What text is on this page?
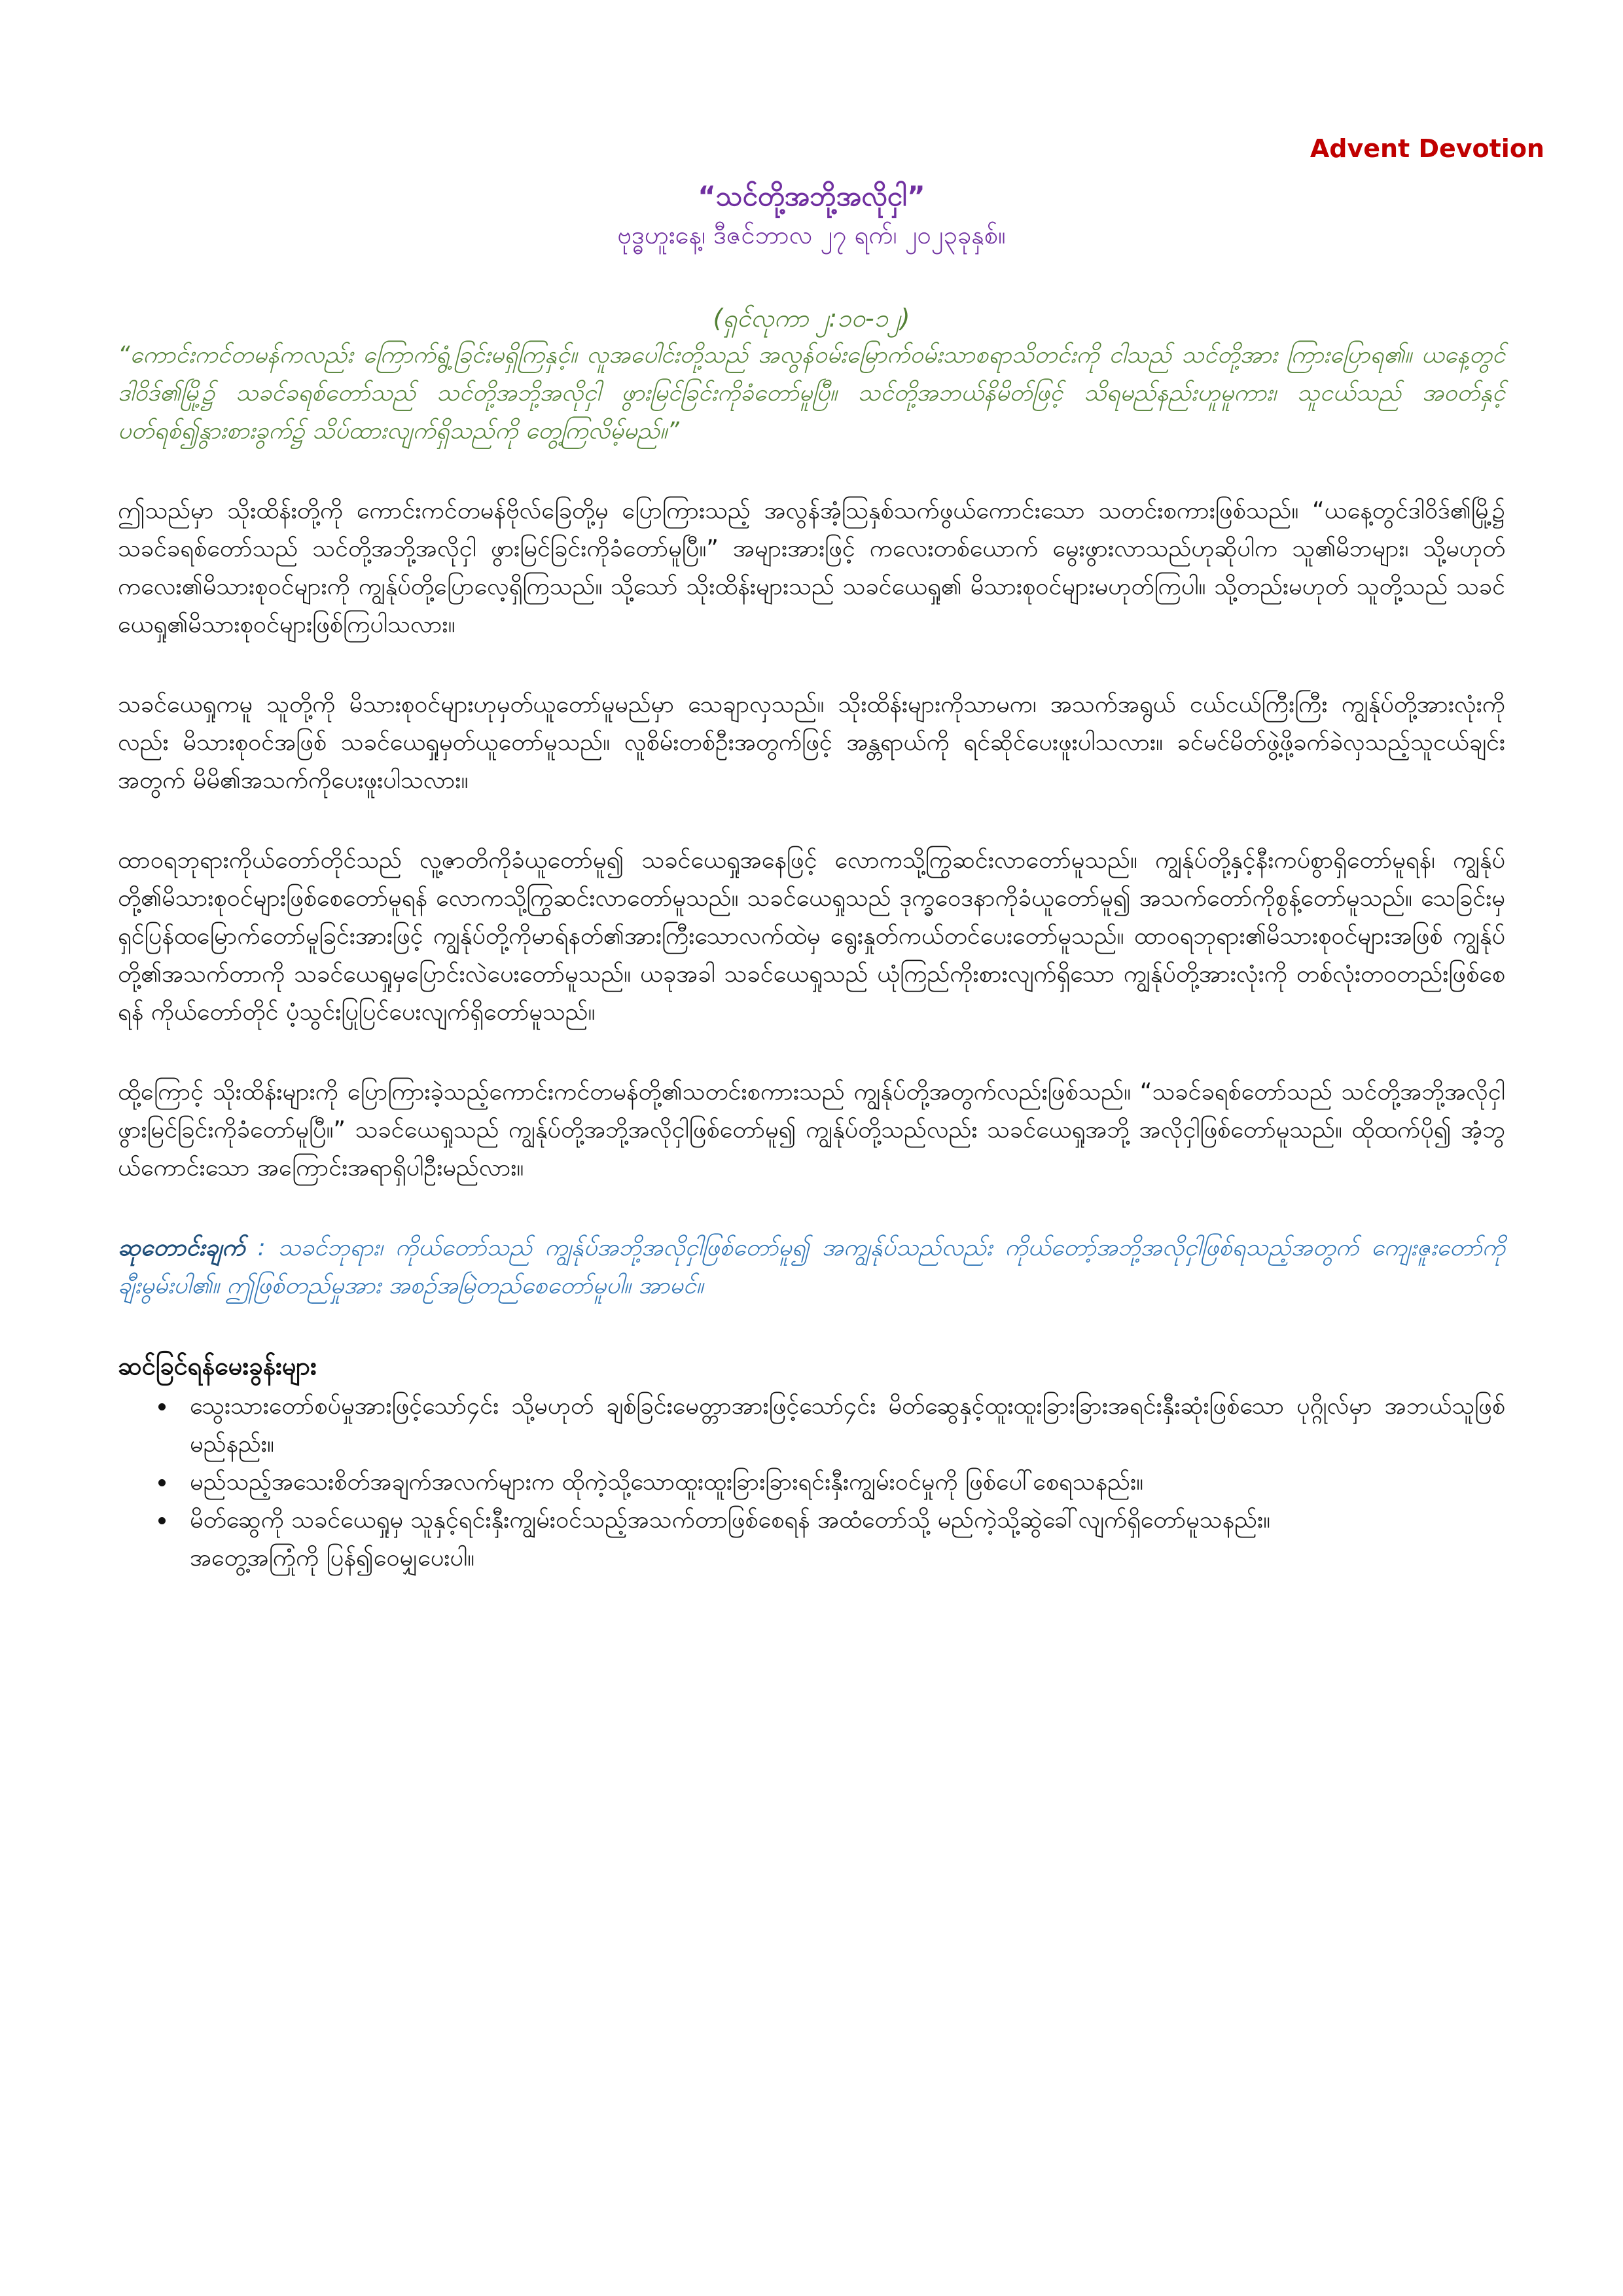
Advent Devotion
“သင်တို့အဘို့အလိုငှါ”
ဗုဒ္ဓဟူးနေ့၊ ဒီဇင်ဘာလ ၂၇ ရက်၊ ၂၀၂၃ခုနှစ်။
(ရှင်လုကာ ၂:၁၀-၁၂)
“ကောင်းကင်တမန်ကလည်း ကြောက်ရွံ့ခြင်းမရှိကြနှင့်။ လူအပေါင်းတို့သည် အလွန်ဝမ်းမြောက်ဝမ်းသာစရာသိတင်းကို ငါသည် သင်တို့အား ကြားပြောရ၏။ ယနေ့တွင် ဒါဝိဒ်၏မြို့၌ သခင်ခရစ်တော်သည် သင်တို့အဘို့အလိုငှါ ဖွားမြင်ခြင်းကိုခံတော်မူပြီ။ သင်တို့အဘယ်နိမိတ်ဖြင့် သိရမည်နည်းဟူမူကား၊ သူငယ်သည် အဝတ်နှင့်ပတ်ရစ်၍နွားစားခွက်၌ သိပ်ထားလျက်ရှိသည်ကို တွေ့ကြလိမ့်မည်။”
ဤသည်မှာ သိုးထိန်းတို့ကို ကောင်းကင်တမန်ဗိုလ်ခြေတို့မှ ပြောကြားသည့် အလွန်အံ့သြနှစ်သက်ဖွယ်ကောင်းသော သတင်းစကားဖြစ်သည်။ “ယနေ့တွင်ဒါဝိဒ်၏မြို့၌ သခင်ခရစ်တော်သည် သင်တို့အဘို့အလိုငှါ ဖွားမြင်ခြင်းကိုခံတော်မူပြီ။” အများအားဖြင့် ကလေးတစ်ယောက် မွေးဖွားလာသည်ဟုဆိုပါက သူ၏မိဘများ၊ သို့မဟုတ် ကလေး၏မိသားစုဝင်များကို ကျွန်ုပ်တို့ပြောလေ့ရှိကြသည်။ သို့သော် သိုးထိန်းများသည် သခင်ယေရှု၏ မိသားစုဝင်များမဟုတ်ကြပါ။ သို့တည်းမဟုတ် သူတို့သည် သခင်ယေရှု၏မိသားစုဝင်များဖြစ်ကြပါသလား။
သခင်ယေရှုကမူ သူတို့ကို မိသားစုဝင်များဟုမှတ်ယူတော်မူမည်မှာ သေချာလှသည်။ သိုးထိန်းများကိုသာမက၊ အသက်အရွယ် ငယ်ငယ်ကြီးကြီး ကျွန်ုပ်တို့အားလုံးကိုလည်း မိသားစုဝင်အဖြစ် သခင်ယေရှုမှတ်ယူတော်မူသည်။ လူစိမ်းတစ်ဦးအတွက်ဖြင့် အန္တရာယ်ကို ရင်ဆိုင်ပေးဖူးပါသလား။ ခင်မင်မိတ်ဖွဲ့ဖို့ခက်ခဲလှသည့်သူငယ်ချင်းအတွက် မိမိ၏အသက်ကိုပေးဖူးပါသလား။
ထာဝရဘုရားကိုယ်တော်တိုင်သည် လူ့ဇာတိကိုခံယူတော်မူ၍ သခင်ယေရှုအနေဖြင့် လောကသို့ကြွဆင်းလာတော်မူသည်။ ကျွန်ုပ်တို့နှင့်နီးကပ်စွာရှိတော်မူရန်၊ ကျွန်ုပ်တို့၏မိသားစုဝင်များဖြစ်စေတော်မူရန် လောကသို့ကြွဆင်းလာတော်မူသည်။ သခင်ယေရှုသည် ဒုက္ခဝေဒနာကိုခံယူတော်မူ၍ အသက်တော်ကိုစွန့်တော်မူသည်။ သေခြင်းမှရှင်ပြန်ထမြောက်တော်မူခြင်းအားဖြင့် ကျွန်ုပ်တို့ကိုမာရ်နတ်၏အားကြီးသောလက်ထဲမှ ရွေးနှုတ်ကယ်တင်ပေးတော်မူသည်။ ထာဝရဘုရား၏မိသားစုဝင်များအဖြစ် ကျွန်ုပ်တို့၏အသက်တာကို သခင်ယေရှုမှပြောင်းလဲပေးတော်မူသည်။ ယခုအခါ သခင်ယေရှုသည် ယုံကြည်ကိုးစားလျက်ရှိသော ကျွန်ုပ်တို့အားလုံးကို တစ်လုံးတဝတည်းဖြစ်စေရန် ကိုယ်တော်တိုင် ပံ့သွင်းပြုပြင်ပေးလျက်ရှိတော်မူသည်။
ထို့ကြောင့် သိုးထိန်းများကို ပြောကြားခဲ့သည့်ကောင်းကင်တမန်တို့၏သတင်းစကားသည် ကျွန်ုပ်တို့အတွက်လည်းဖြစ်သည်။ “သခင်ခရစ်တော်သည် သင်တို့အဘို့အလိုငှါ ဖွားမြင်ခြင်းကိုခံတော်မူပြီ။” သခင်ယေရှုသည် ကျွန်ုပ်တို့အဘို့အလိုငှါဖြစ်တော်မူ၍ ကျွန်ုပ်တို့သည်လည်း သခင်ယေရှုအဘို့ အလိုငှါဖြစ်တော်မူသည်။ ထိုထက်ပို၍ အံ့ဘွယ်ကောင်းသော အကြောင်းအရာရှိပါဦးမည်လား။
ဆုတောင်းချက် : သခင်ဘုရား၊ ကိုယ်တော်သည် ကျွန်ုပ်အဘို့အလိုငှါဖြစ်တော်မူ၍ အကျွန်ုပ်သည်လည်း ကိုယ်တော့်အဘို့အလိုငှါဖြစ်ရသည့်အတွက် ကျေးဇူးတော်ကိုချီးမွမ်းပါ၏။ ဤဖြစ်တည်မှုအား အစဉ်အမြဲတည်စေတော်မူပါ။ အာမင်။
ဆင်ခြင်ရန်မေးခွန်းများ
• သွေးသားတော်စပ်မှုအားဖြင့်သော်၄င်း သို့မဟုတ် ချစ်ခြင်းမေတ္တာအားဖြင့်သော်၄င်း မိတ်ဆွေနှင့်ထူးထူးခြားခြားအရင်းနှီးဆုံးဖြစ်သော ပုဂ္ဂိုလ်မှာ အဘယ်သူဖြစ်မည်နည်း။
• မည်သည့်အသေးစိတ်အချက်အလက်များက ထိုကဲ့သို့သောထူးထူးခြားခြားရင်းနှီးကျွမ်းဝင်မှုကို ဖြစ်ပေါ်စေရသနည်း။
• မိတ်ဆွေကို သခင်ယေရှုမှ သူနှင့်ရင်းနှီးကျွမ်းဝင်သည့်အသက်တာဖြစ်စေရန် အထံတော်သို့ မည်ကဲ့သို့ဆွဲခေါ်လျက်ရှိတော်မူသနည်း။
အတွေ့အကြုံကို ပြန်၍ဝေမျှပေးပါ။
